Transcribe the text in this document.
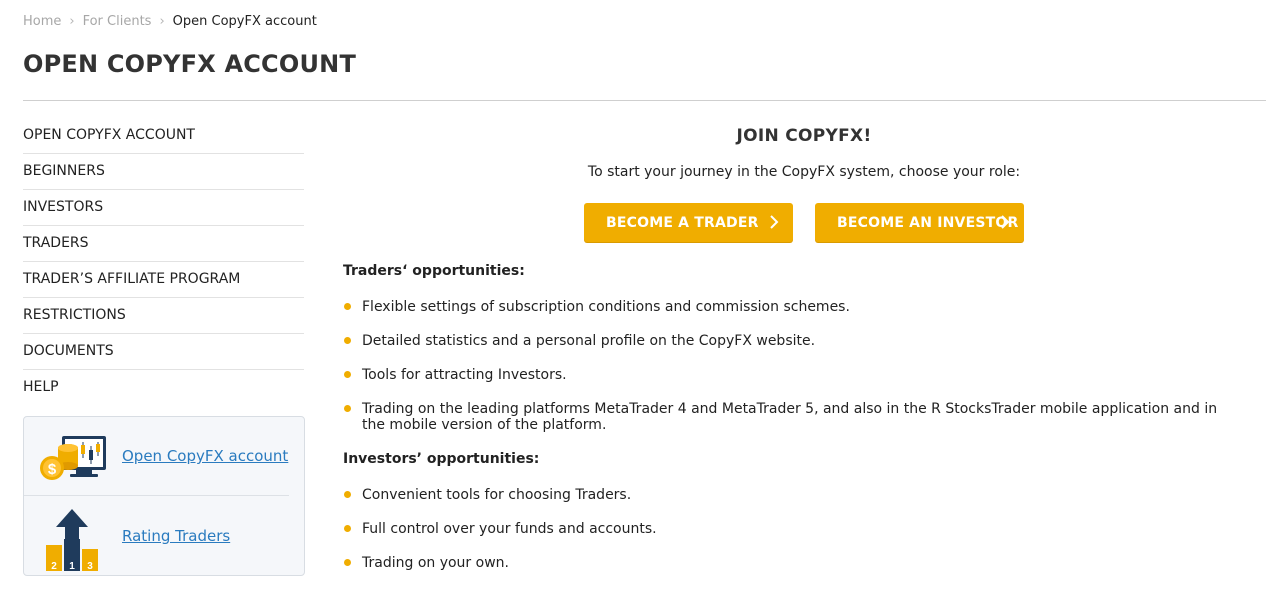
Home › For Clients › Open CopyFX account
OPEN COPYFX ACCOUNT
OPEN COPYFX ACCOUNT
BEGINNERS
INVESTORS
TRADERS
TRADER’S AFFILIATE PROGRAM
RESTRICTIONS
DOCUMENTS
HELP
$
Open CopyFX account
2 1 3
Rating Traders
JOIN COPYFX!

To start your journey in the CopyFX system, choose your role:

BECOME A TRADER	BECOME AN INVESTOR
Traders‘ opportunities:
Flexible settings of subscription conditions and commission schemes.
Detailed statistics and a personal profile on the CopyFX website.
Tools for attracting Investors.
Trading on the leading platforms MetaTrader 4 and MetaTrader 5, and also in the R StocksTrader mobile application and in the mobile version of the platform.
Investors’ opportunities:
Convenient tools for choosing Traders.
Full control over your funds and accounts.
Trading on your own.
